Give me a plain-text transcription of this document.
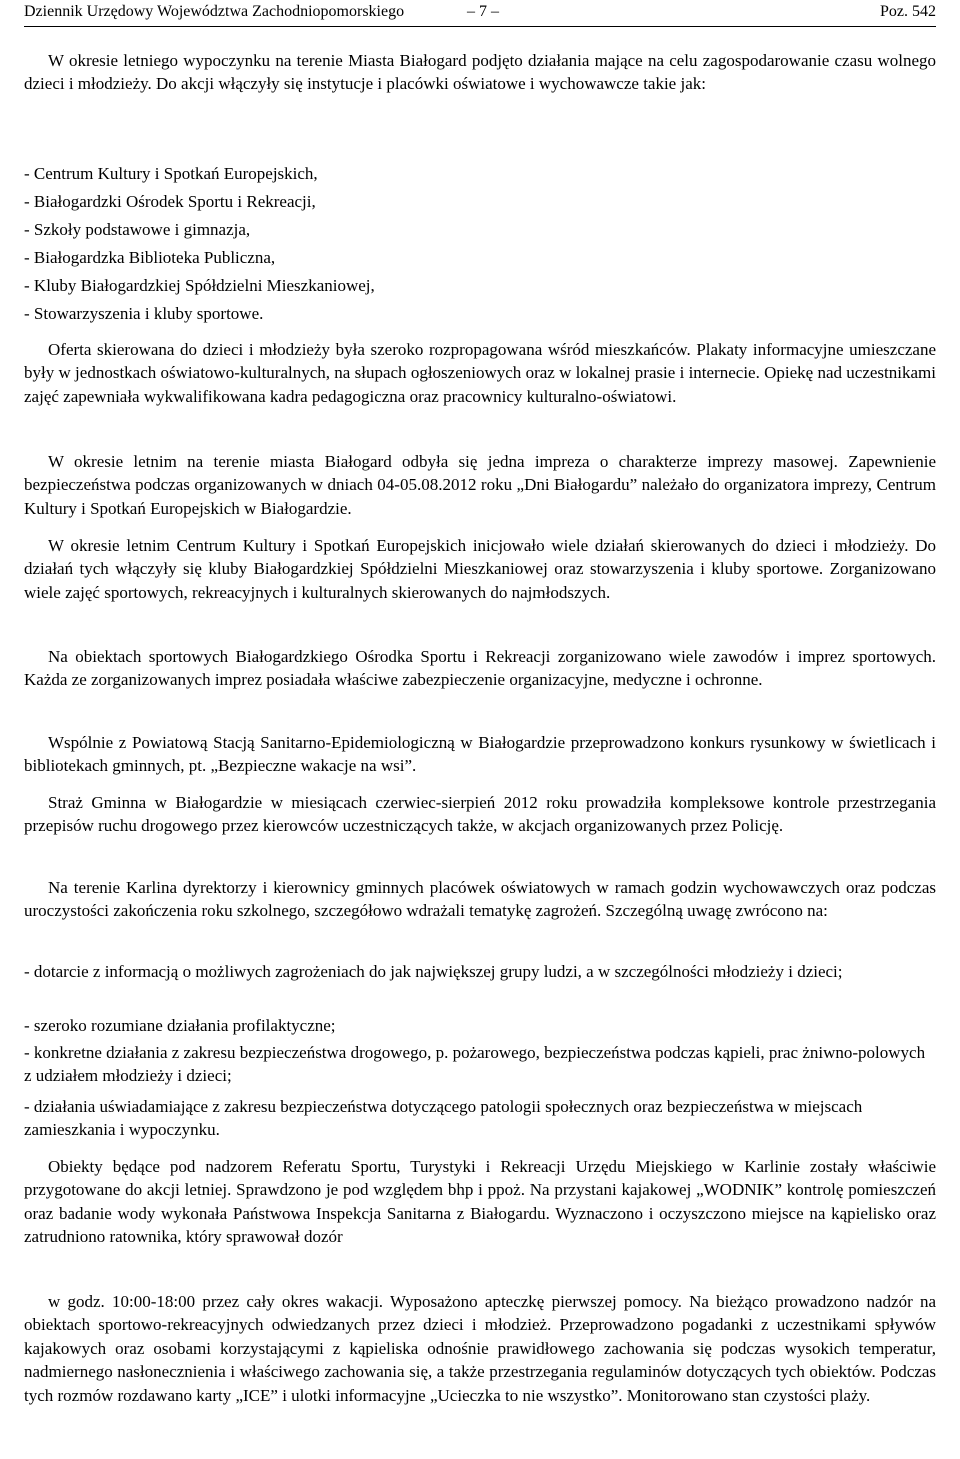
Dziennik Urzędowy Województwa Zachodniopomorskiego	– 7 –	Poz. 542

W okresie letniego wypoczynku na terenie Miasta Białogard podjęto działania mające na celu zagospodarowanie czasu wolnego dzieci i młodzieży. Do akcji włączyły się instytucje i placówki oświatowe i wychowawcze takie jak:

- Centrum Kultury i Spotkań Europejskich,

- Białogardzki Ośrodek Sportu i Rekreacji,

- Szkoły podstawowe i gimnazja,

- Białogardzka Biblioteka Publiczna,

- Kluby Białogardzkiej Spółdzielni Mieszkaniowej,

- Stowarzyszenia i kluby sportowe.

Oferta skierowana do dzieci i młodzieży była szeroko rozpropagowana wśród mieszkańców. Plakaty informacyjne umieszczane były w jednostkach oświatowo-kulturalnych, na słupach ogłoszeniowych oraz w lokalnej prasie i internecie. Opiekę nad uczestnikami zajęć zapewniała wykwalifikowana kadra pedagogiczna oraz pracownicy kulturalno-oświatowi.

W okresie letnim na terenie miasta Białogard odbyła się jedna impreza o charakterze imprezy masowej. Zapewnienie bezpieczeństwa podczas organizowanych w dniach 04-05.08.2012 roku „Dni Białogardu” należało do organizatora imprezy, Centrum Kultury i Spotkań Europejskich w Białogardzie.

W okresie letnim Centrum Kultury i Spotkań Europejskich inicjowało wiele działań skierowanych do dzieci i młodzieży. Do działań tych włączyły się kluby Białogardzkiej Spółdzielni Mieszkaniowej oraz stowarzyszenia i kluby sportowe. Zorganizowano wiele zajęć sportowych, rekreacyjnych i kulturalnych skierowanych do najmłodszych.

Na obiektach sportowych Białogardzkiego Ośrodka Sportu i Rekreacji zorganizowano wiele zawodów i imprez sportowych. Każda ze zorganizowanych imprez posiadała właściwe zabezpieczenie organizacyjne, medyczne i ochronne.

Wspólnie z Powiatową Stacją Sanitarno-Epidemiologiczną w Białogardzie przeprowadzono konkurs rysunkowy w świetlicach i bibliotekach gminnych, pt. „Bezpieczne wakacje na wsi”.

Straż Gminna w Białogardzie w miesiącach czerwiec-sierpień 2012 roku prowadziła kompleksowe kontrole przestrzegania przepisów ruchu drogowego przez kierowców uczestniczących także, w akcjach organizowanych przez Policję.

Na terenie Karlina dyrektorzy i kierownicy gminnych placówek oświatowych w ramach godzin wychowawczych oraz podczas uroczystości zakończenia roku szkolnego, szczegółowo wdrażali tematykę zagrożeń. Szczególną uwagę zwrócono na:

- dotarcie z informacją o możliwych zagrożeniach do jak największej grupy ludzi, a w szczególności młodzieży i dzieci;

- szeroko rozumiane działania profilaktyczne;

- konkretne działania z zakresu bezpieczeństwa drogowego, p. pożarowego, bezpieczeństwa podczas kąpieli, prac żniwno-polowych z udziałem młodzieży i dzieci;

- działania uświadamiające z zakresu bezpieczeństwa dotyczącego patologii społecznych oraz bezpieczeństwa w miejscach zamieszkania i wypoczynku.

Obiekty będące pod nadzorem Referatu Sportu, Turystyki i Rekreacji Urzędu Miejskiego w Karlinie zostały właściwie przygotowane do akcji letniej. Sprawdzono je pod względem bhp i ppoż. Na przystani kajakowej „WODNIK” kontrolę pomieszczeń oraz badanie wody wykonała Państwowa Inspekcja Sanitarna z Białogardu. Wyznaczono i oczyszczono miejsce na kąpielisko oraz zatrudniono ratownika, który sprawował dozór

w godz. 10:00-18:00 przez cały okres wakacji. Wyposażono apteczkę pierwszej pomocy. Na bieżąco prowadzono nadzór na obiektach sportowo-rekreacyjnych odwiedzanych przez dzieci i młodzież. Przeprowadzono pogadanki z uczestnikami spływów kajakowych oraz osobami korzystającymi z kąpieliska odnośnie prawidłowego zachowania się podczas wysokich temperatur, nadmiernego nasłonecznienia i właściwego zachowania się, a także przestrzegania regulaminów dotyczących tych obiektów. Podczas tych rozmów rozdawano karty „ICE” i ulotki informacyjne „Ucieczka to nie wszystko”. Monitorowano stan czystości plaży.
